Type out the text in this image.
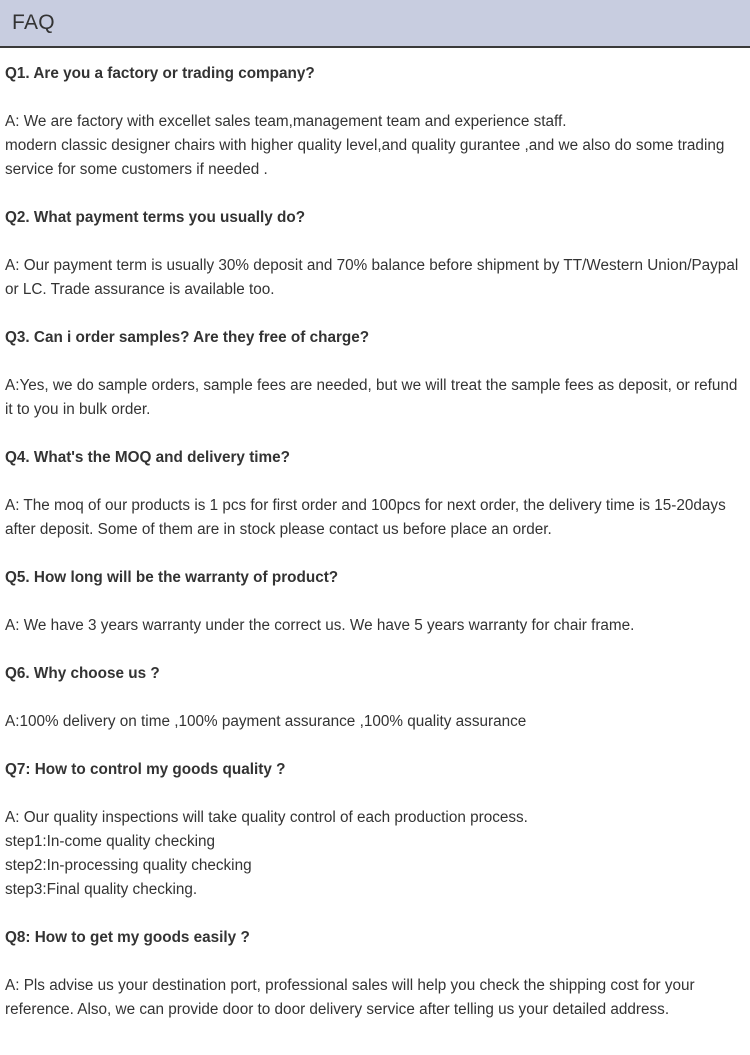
FAQ
Q1. Are you a factory or trading company?
A: We are factory with excellet sales team,management team and experience staff.
modern classic designer chairs with higher quality level,and quality gurantee ,and we also do some trading service for some customers if needed .
Q2. What payment terms you usually do?
A: Our payment term is usually 30% deposit and 70% balance before shipment by TT/Western Union/Paypal or LC. Trade assurance is available too.
Q3. Can i order samples? Are they free of charge?
A:Yes, we do sample orders, sample fees are needed, but we will treat the sample fees as deposit, or refund it to you in bulk order.
Q4. What's the MOQ and delivery time?
A: The moq of our products is 1 pcs for first order and 100pcs for next order, the delivery time is 15-20days after deposit. Some of them are in stock please contact us before place an order.
Q5. How long will be the warranty of product?
A: We have 3 years warranty under the correct us. We have 5 years warranty for chair frame.
Q6. Why choose us ?
A:100% delivery on time ,100% payment assurance ,100% quality assurance
Q7: How to control my goods quality ?
A: Our quality inspections will take quality control of each production process.
step1:In-come quality checking
step2:In-processing quality checking
step3:Final quality checking.
Q8: How to get my goods easily ?
A: Pls advise us your destination port, professional sales will help you check the shipping cost for your reference. Also, we can provide door to door delivery service after telling us your detailed address.
